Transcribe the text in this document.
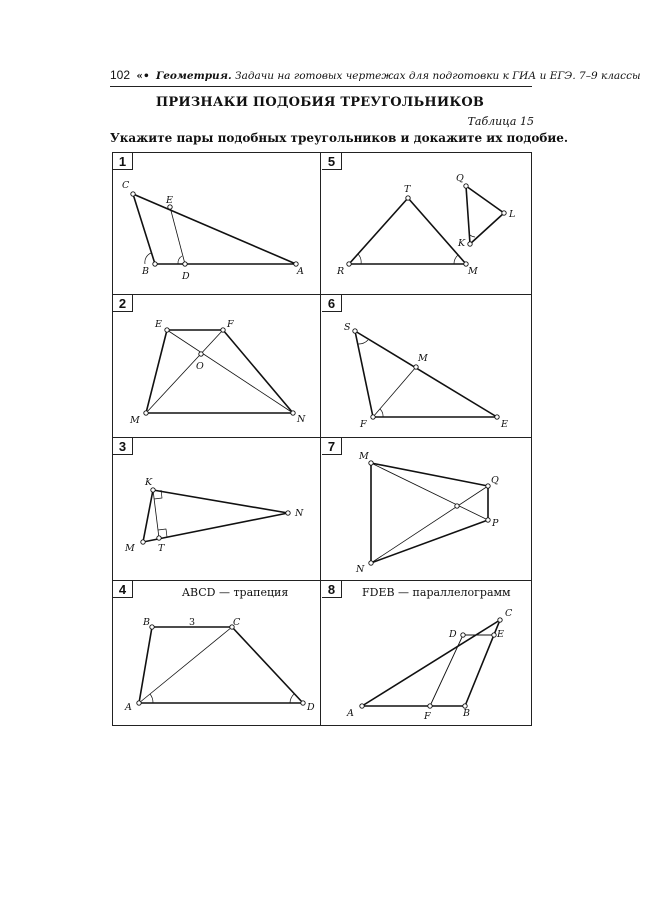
102 «• Геометрия. Задачи на готовых чертежах для подготовки к ГИА и ЕГЭ. 7–9 классы
ПРИЗНАКИ ПОДОБИЯ ТРЕУГОЛЬНИКОВ
Таблица 15
Укажите пары подобных треугольников и докажите их подобие.
1	5
2	6
3	7
4	8
ABCD — трапеция	FDEB — параллелограмм
C
E
B	D	A
T
Q
L
K
R	M
E	F
O
M	N
S
M
F	E
K
N
M T
M
Q
P
N
B	3	C
A	D
C
D	E
A	F	B
